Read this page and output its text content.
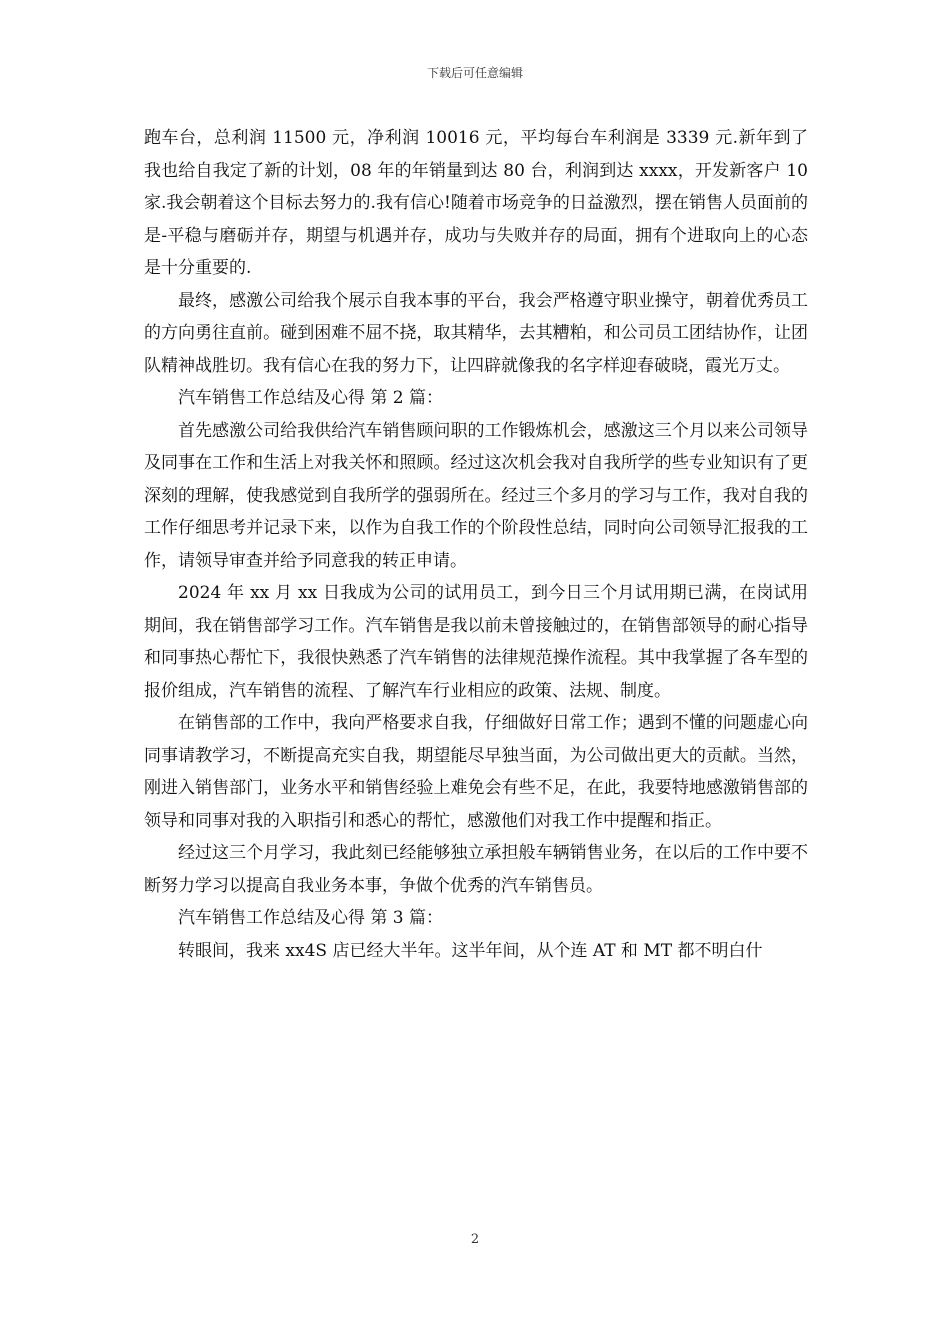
下载后可任意编辑

跑车台，总利润 11500 元，净利润 10016 元，平均每台车利润是 3339 元.新年到了我也给自我定了新的计划，08 年的年销量到达 80 台，利润到达 xxxx，开发新客户 10 家.我会朝着这个目标去努力的.我有信心!随着市场竞争的日益激烈，摆在销售人员面前的是-平稳与磨砺并存，期望与机遇并存，成功与失败并存的局面，拥有个进取向上的心态是十分重要的.

最终，感激公司给我个展示自我本事的平台，我会严格遵守职业操守，朝着优秀员工的方向勇往直前。碰到困难不屈不挠，取其精华，去其糟粕，和公司员工团结协作，让团队精神战胜切。我有信心在我的努力下，让四辟就像我的名字样迎春破晓，霞光万丈。

汽车销售工作总结及心得 第 2 篇：

首先感激公司给我供给汽车销售顾问职的工作锻炼机会，感激这三个月以来公司领导及同事在工作和生活上对我关怀和照顾。经过这次机会我对自我所学的些专业知识有了更深刻的理解，使我感觉到自我所学的强弱所在。经过三个多月的学习与工作，我对自我的工作仔细思考并记录下来，以作为自我工作的个阶段性总结，同时向公司领导汇报我的工作，请领导审查并给予同意我的转正申请。

2024 年 xx 月 xx 日我成为公司的试用员工，到今日三个月试用期已满，在岗试用期间，我在销售部学习工作。汽车销售是我以前未曾接触过的，在销售部领导的耐心指导和同事热心帮忙下，我很快熟悉了汽车销售的法律规范操作流程。其中我掌握了各车型的报价组成，汽车销售的流程、了解汽车行业相应的政策、法规、制度。

在销售部的工作中，我向严格要求自我，仔细做好日常工作；遇到不懂的问题虚心向同事请教学习，不断提高充实自我，期望能尽早独当面，为公司做出更大的贡献。当然，刚进入销售部门，业务水平和销售经验上难免会有些不足，在此，我要特地感激销售部的领导和同事对我的入职指引和悉心的帮忙，感激他们对我工作中提醒和指正。

经过这三个月学习，我此刻已经能够独立承担般车辆销售业务，在以后的工作中要不断努力学习以提高自我业务本事，争做个优秀的汽车销售员。

汽车销售工作总结及心得 第 3 篇：

转眼间，我来 xx4S 店已经大半年。这半年间，从个连 AT 和 MT 都不明白什

2
